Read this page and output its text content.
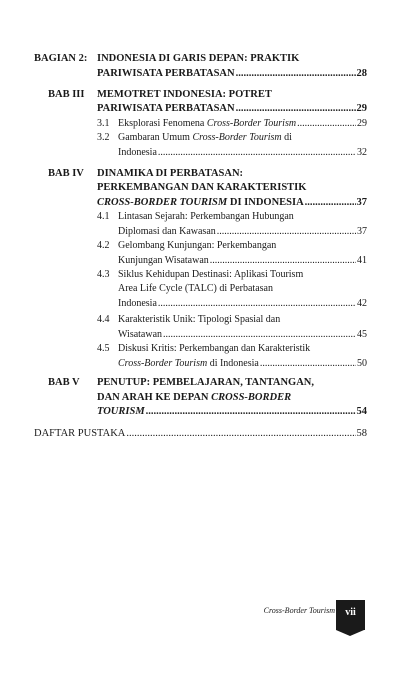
BAGIAN 2: INDONESIA DI GARIS DEPAN: PRAKTIK
PARIWISATA PERBATASAN .....	28
BAB III MEMOTRET INDONESIA: POTRET
PARIWISATA PERBATASAN .....	29
3.1 Eksplorasi Fenomena Cross-Border Tourism .....	29
3.2 Gambaran Umum Cross-Border Tourism di
Indonesia .....	32
BAB IV DINAMIKA DI PERBATASAN:
PERKEMBANGAN DAN KARAKTERISTIK
CROSS-BORDER TOURISM DI INDONESIA .....	37
4.1 Lintasan Sejarah: Perkembangan Hubungan
Diplomasi dan Kawasan .....	37
4.2 Gelombang Kunjungan: Perkembangan
Kunjungan Wisatawan .....	41
4.3 Siklus Kehidupan Destinasi: Aplikasi Tourism
Area Life Cycle (TALC) di Perbatasan
Indonesia .....	42
4.4 Karakteristik Unik: Tipologi Spasial dan
Wisatawan .....	45
4.5 Diskusi Kritis: Perkembangan dan Karakteristik
Cross-Border Tourism di Indonesia .....	50
BAB V PENUTUP: PEMBELAJARAN, TANTANGAN,
DAN ARAH KE DEPAN CROSS-BORDER
TOURISM .....	54
DAFTAR PUSTAKA .....	58
Cross-Border Tourism	vii
